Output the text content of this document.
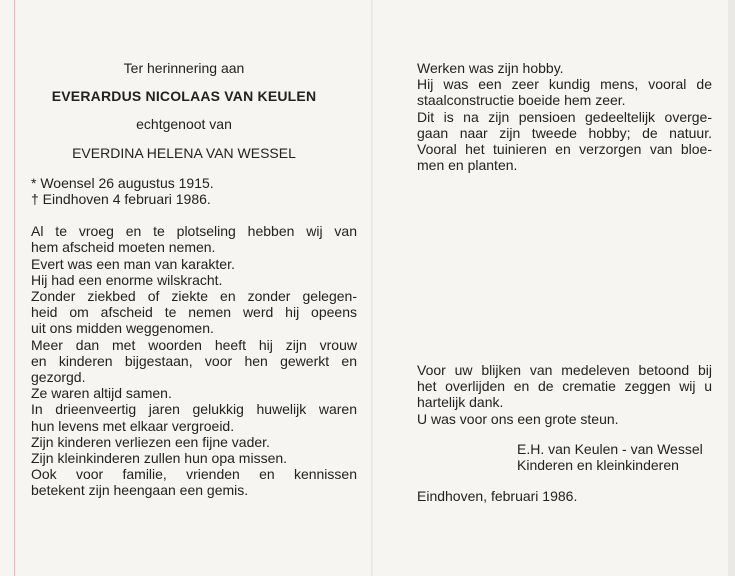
Ter herinnering aan
EVERARDUS NICOLAAS VAN KEULEN
echtgenoot van
EVERDINA HELENA VAN WESSEL
* Woensel 26 augustus 1915.
† Eindhoven 4 februari 1986.
Al te vroeg en te plotseling hebben wij van
hem afscheid moeten nemen.
Evert was een man van karakter.
Hij had een enorme wilskracht.
Zonder ziekbed of ziekte en zonder gelegen-
heid om afscheid te nemen werd hij opeens
uit ons midden weggenomen.
Meer dan met woorden heeft hij zijn vrouw
en kinderen bijgestaan, voor hen gewerkt en
gezorgd.
Ze waren altijd samen.
In drieenveertig jaren gelukkig huwelijk waren
hun levens met elkaar vergroeid.
Zijn kinderen verliezen een fijne vader.
Zijn kleinkinderen zullen hun opa missen.
Ook voor familie, vrienden en kennissen
betekent zijn heengaan een gemis.
Werken was zijn hobby.
Hij was een zeer kundig mens, vooral de
staalconstructie boeide hem zeer.
Dit is na zijn pensioen gedeeltelijk overge-
gaan naar zijn tweede hobby; de natuur.
Vooral het tuinieren en verzorgen van bloe-
men en planten.
Voor uw blijken van medeleven betoond bij
het overlijden en de crematie zeggen wij u
hartelijk dank.
U was voor ons een grote steun.
E.H. van Keulen - van Wessel
Kinderen en kleinkinderen
Eindhoven, februari 1986.
